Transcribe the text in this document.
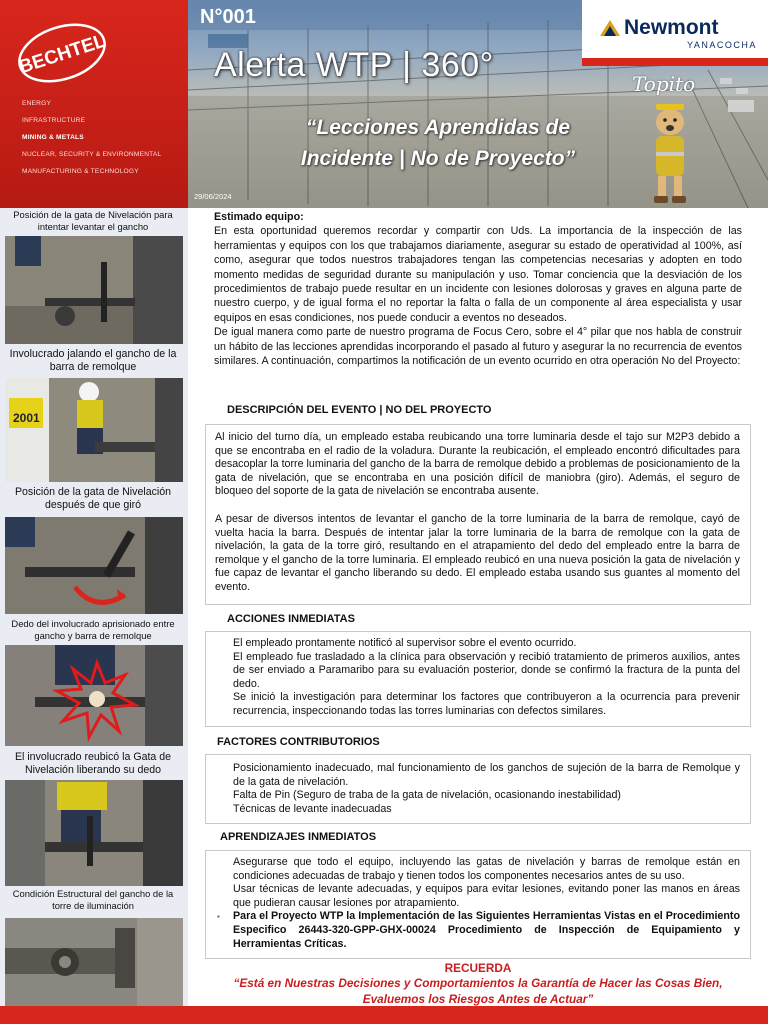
BECHTEL
ENERGY
INFRASTRUCTURE
MINING & METALS
NUCLEAR, SECURITY & ENVIRONMENTAL
MANUFACTURING & TECHNOLOGY
N°001
Alerta WTP | 360°
“Lecciones Aprendidas de Incidente | No de Proyecto”
29/06/2024
Topito
Newmont
YANACOCHA
Posición de la gata de Nivelación para intentar levantar el gancho
Involucrado jalando el gancho de la barra de remolque
2001
Posición de la gata de Nivelación después de que giró
Dedo del involucrado aprisionado entre gancho y barra de remolque
El involucrado reubicó la Gata de Nivelación liberando su dedo
Condición Estructural del gancho de la torre de iluminación
Estimado equipo:

En esta oportunidad queremos recordar y compartir con Uds. La importancia de la inspección de las herramientas y equipos con los que trabajamos diariamente, asegurar su estado de operatividad al 100%, así como, asegurar que todos nuestros trabajadores tengan las competencias necesarias y adopten en todo momento medidas de seguridad durante su manipulación y uso. Tomar conciencia que la desviación de los procedimientos de trabajo puede resultar en un incidente con lesiones dolorosas y graves en alguna parte de nuestro cuerpo, y de igual forma el no reportar la falta o falla de un componente al área especialista y usar equipos en esas condiciones, nos puede conducir a eventos no deseados.

De igual manera como parte de nuestro programa de Focus Cero, sobre el 4° pilar que nos habla de construir un hábito de las lecciones aprendidas incorporando el pasado al futuro y asegurar la no recurrencia de eventos similares. A continuación, compartimos la notificación de un evento ocurrido en otra operación No del Proyecto:

DESCRIPCIÓN DEL EVENTO | NO DEL PROYECTO

Al inicio del turno día, un empleado estaba reubicando una torre luminaria desde el tajo sur M2P3 debido a que se encontraba en el radio de la voladura. Durante la reubicación, el empleado encontró dificultades para desacoplar la torre luminaria del gancho de la barra de remolque debido a problemas de posicionamiento de la gata de nivelación, que se encontraba en una posición difícil de maniobra (giro). Además, el seguro de bloqueo del soporte de la gata de nivelación se encontraba ausente.

A pesar de diversos intentos de levantar el gancho de la torre luminaria de la barra de remolque, cayó de vuelta hacia la barra. Después de intentar jalar la torre luminaria de la barra de remolque con la gata de nivelación, la gata de la torre giró, resultando en el atrapamiento del dedo del empleado entre la barra de remolque y el gancho de la torre luminaria. El empleado reubicó en una nueva posición la gata de nivelación y fue capaz de levantar el gancho liberando su dedo. El empleado estaba usando sus guantes al momento del evento.

ACCIONES INMEDIATAS
El empleado prontamente notificó al supervisor sobre el evento ocurrido.
El empleado fue trasladado a la clínica para observación y recibió tratamiento de primeros auxilios, antes de ser enviado a Paramaribo para su evaluación posterior, donde se confirmó la fractura de la punta del dedo.
Se inició la investigación para determinar los factores que contribuyeron a la ocurrencia para prevenir recurrencia, inspeccionando todas las torres luminarias con defectos similares.
FACTORES CONTRIBUTORIOS
Posicionamiento inadecuado, mal funcionamiento de los ganchos de sujeción de la barra de Remolque y de la gata de nivelación.
Falta de Pin (Seguro de traba de la gata de nivelación, ocasionando inestabilidad)
Técnicas de levante inadecuadas
APRENDIZAJES INMEDIATOS
Asegurarse que todo el equipo, incluyendo las gatas de nivelación y barras de remolque están en condiciones adecuadas de trabajo y tienen todos los componentes necesarios antes de su uso.
Usar técnicas de levante adecuadas, y equipos para evitar lesiones, evitando poner las manos en áreas que pudieran causar lesiones por atrapamiento.
▪ Para el Proyecto WTP la Implementación de las Siguientes Herramientas Vistas en el Procedimiento Especifico 26443-320-GPP-GHX-00024 Procedimiento de Inspección de Equipamiento y Herramientas Críticas.
RECUERDA
“Está en Nuestras Decisiones y Comportamientos la Garantía de Hacer las Cosas Bien, Evaluemos los Riesgos Antes de Actuar”
